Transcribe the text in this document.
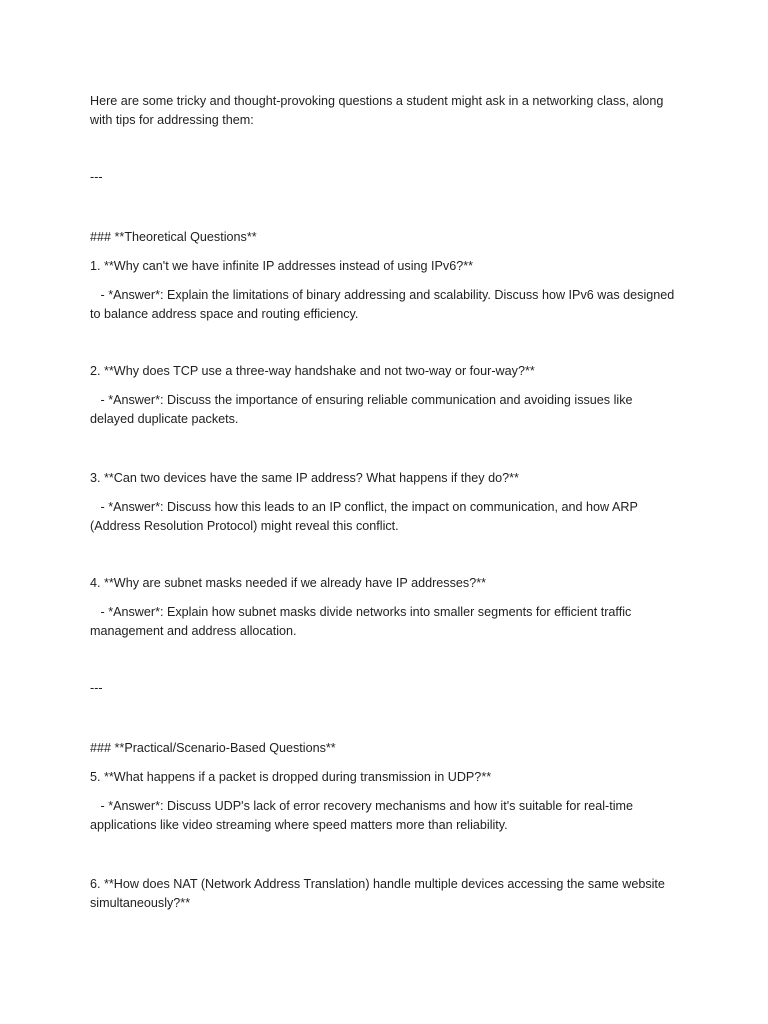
Here are some tricky and thought-provoking questions a student might ask in a networking class, along with tips for addressing them:

---

### **Theoretical Questions**

1. **Why can't we have infinite IP addresses instead of using IPv6?**

- *Answer*: Explain the limitations of binary addressing and scalability. Discuss how IPv6 was designed to balance address space and routing efficiency.

2. **Why does TCP use a three-way handshake and not two-way or four-way?**

- *Answer*: Discuss the importance of ensuring reliable communication and avoiding issues like delayed duplicate packets.

3. **Can two devices have the same IP address? What happens if they do?**

- *Answer*: Discuss how this leads to an IP conflict, the impact on communication, and how ARP (Address Resolution Protocol) might reveal this conflict.

4. **Why are subnet masks needed if we already have IP addresses?**

- *Answer*: Explain how subnet masks divide networks into smaller segments for efficient traffic management and address allocation.

---

### **Practical/Scenario-Based Questions**

5. **What happens if a packet is dropped during transmission in UDP?**

- *Answer*: Discuss UDP's lack of error recovery mechanisms and how it's suitable for real-time applications like video streaming where speed matters more than reliability.

6. **How does NAT (Network Address Translation) handle multiple devices accessing the same website simultaneously?**
